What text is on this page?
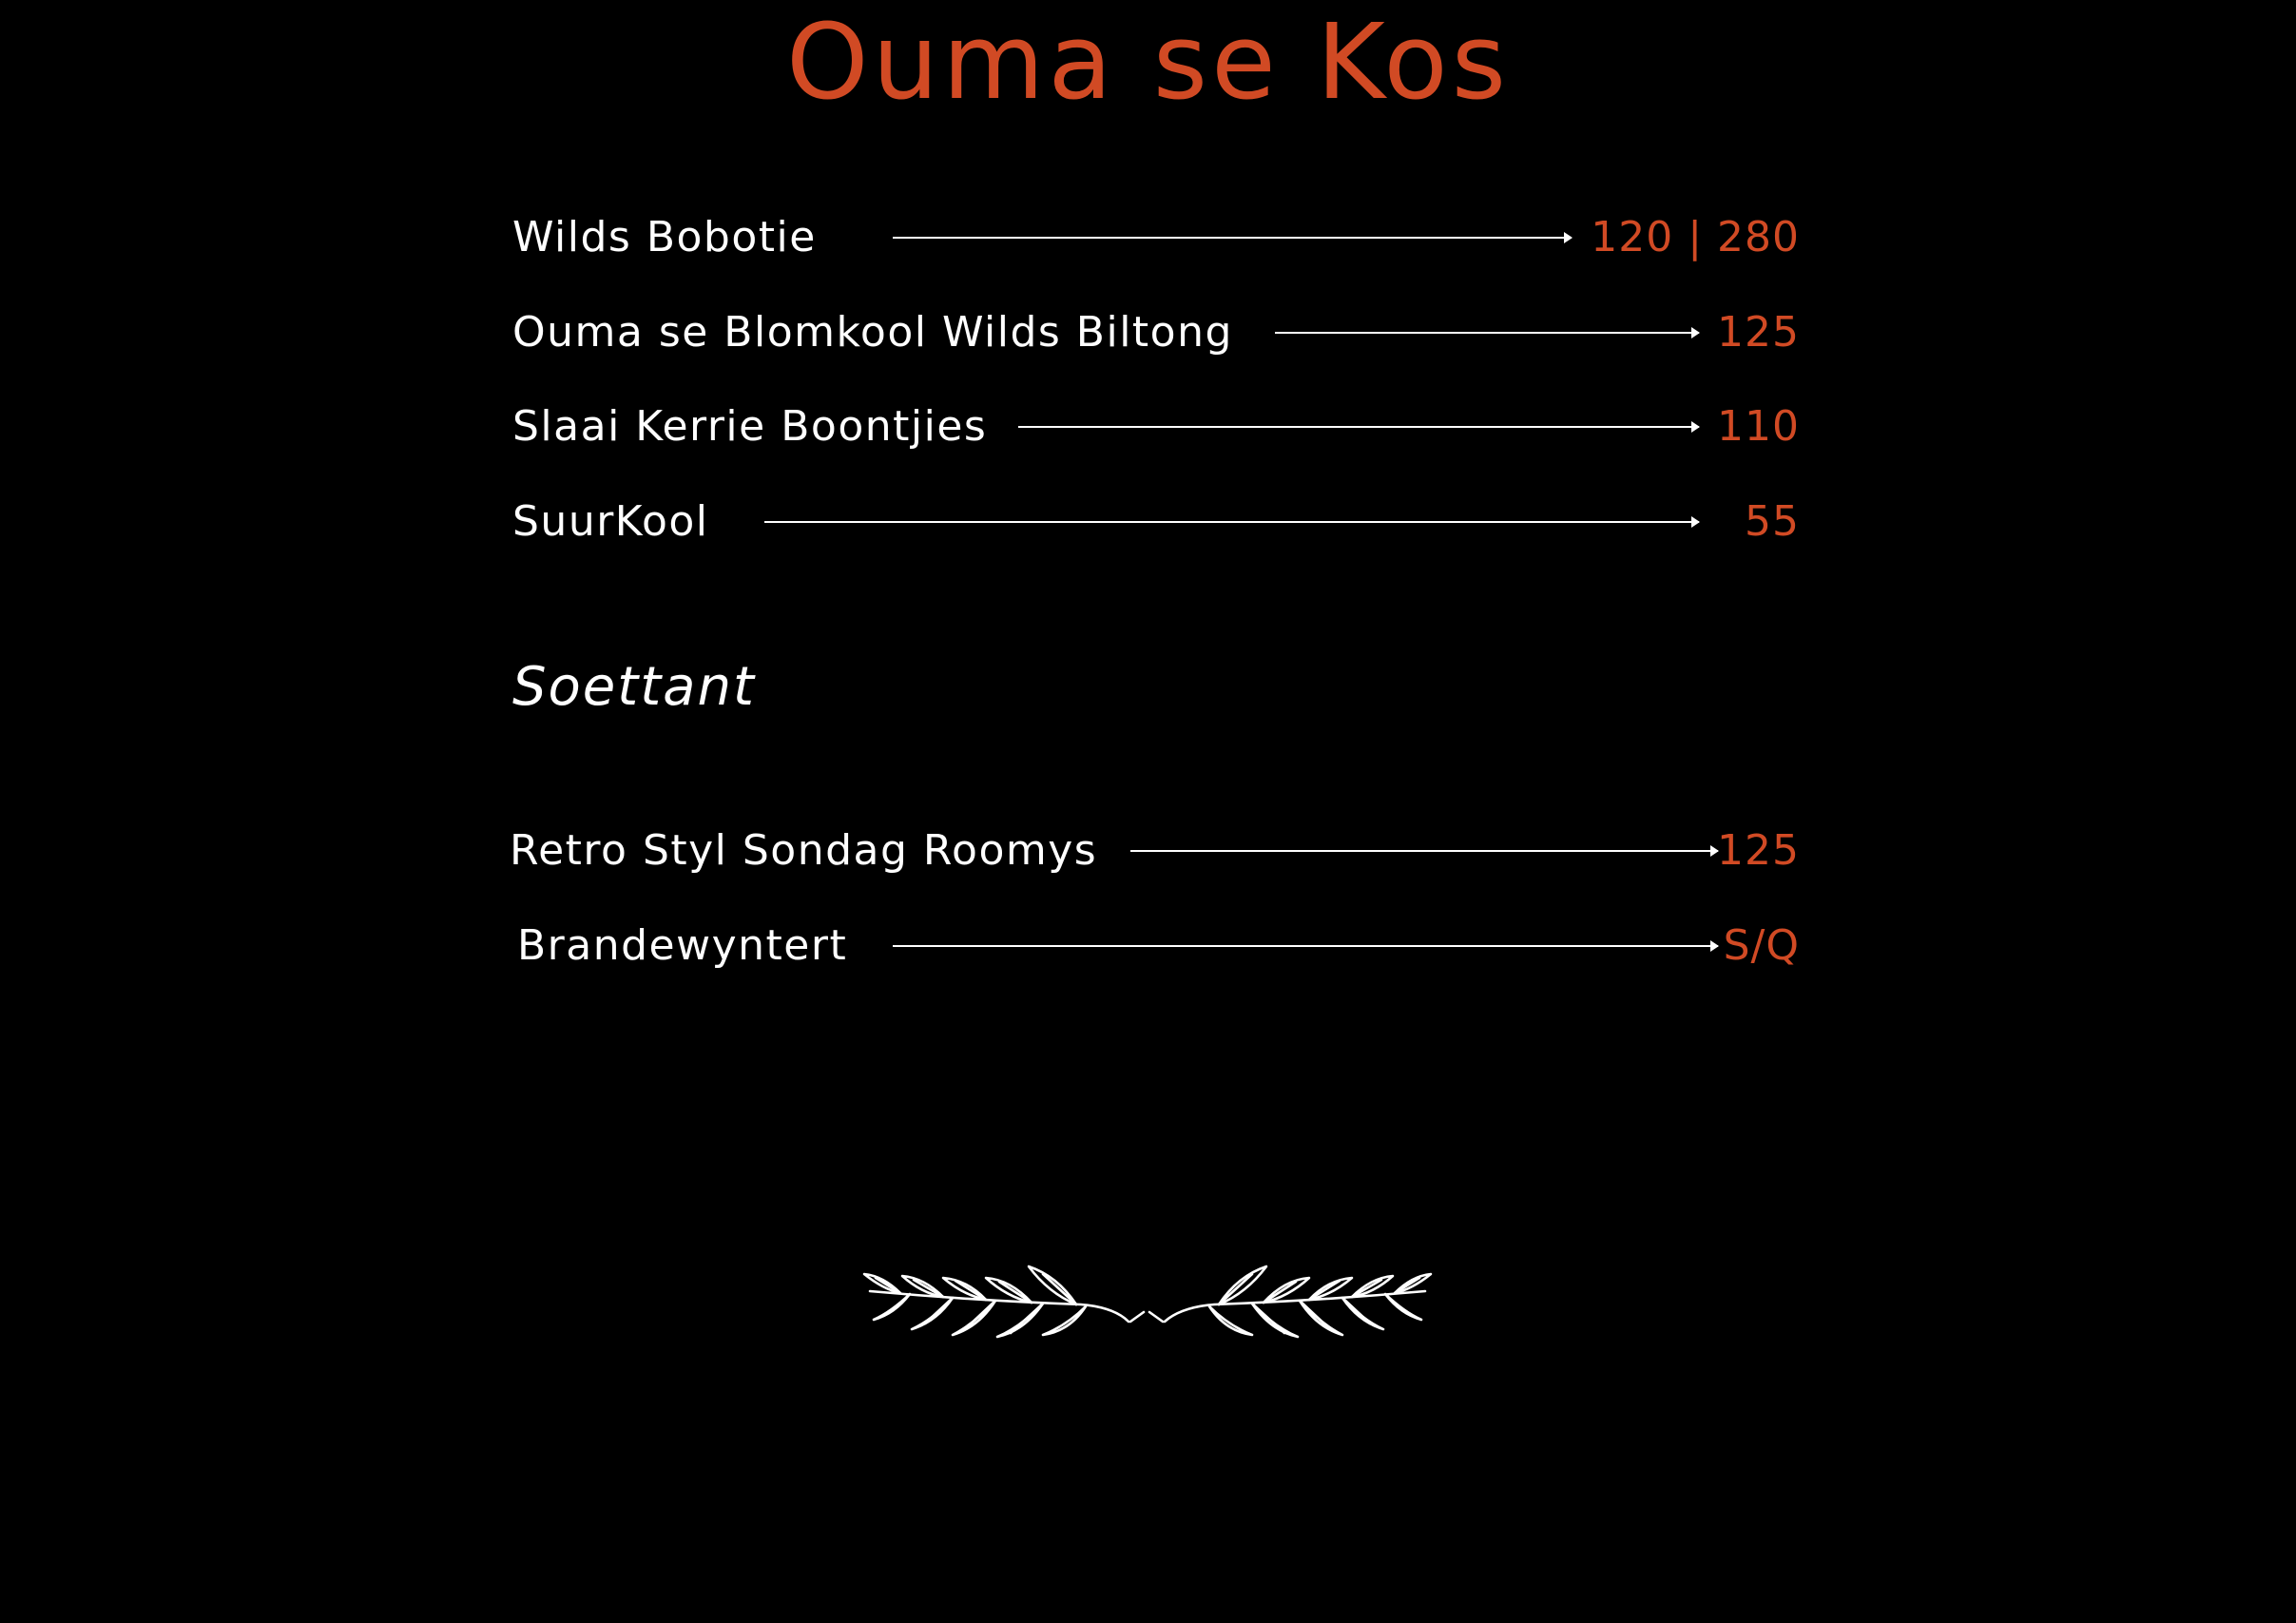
Ouma se Kos
Wilds Bobotie	120 | 280
Ouma se Blomkool Wilds Biltong	125
Slaai Kerrie Boontjies	110
SuurKool	55
Soettant
Retro Styl Sondag Roomys	125
Brandewyntert	S/Q
